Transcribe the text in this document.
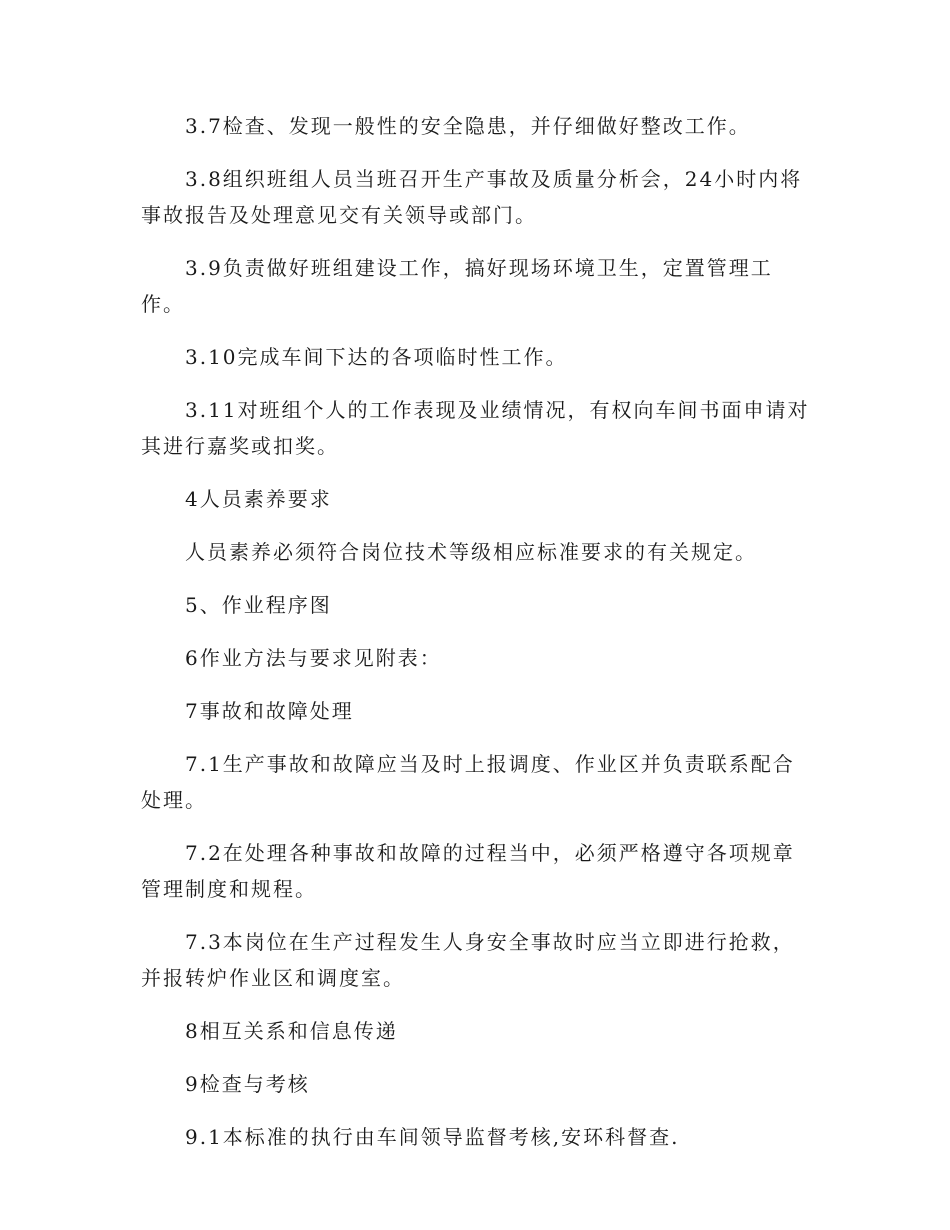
3.7检查、发现一般性的安全隐患，并仔细做好整改工作。

3.8组织班组人员当班召开生产事故及质量分析会，24小时内将事故报告及处理意见交有关领导或部门。

3.9负责做好班组建设工作，搞好现场环境卫生，定置管理工作。

3.10完成车间下达的各项临时性工作。

3.11对班组个人的工作表现及业绩情况，有权向车间书面申请对其进行嘉奖或扣奖。

4人员素养要求

人员素养必须符合岗位技术等级相应标准要求的有关规定。

5、作业程序图

6作业方法与要求见附表：

7事故和故障处理

7.1生产事故和故障应当及时上报调度、作业区并负责联系配合处理。

7.2在处理各种事故和故障的过程当中，必须严格遵守各项规章管理制度和规程。

7.3本岗位在生产过程发生人身安全事故时应当立即进行抢救，并报转炉作业区和调度室。

8相互关系和信息传递

9检查与考核

9.1本标准的执行由车间领导监督考核,安环科督查.
